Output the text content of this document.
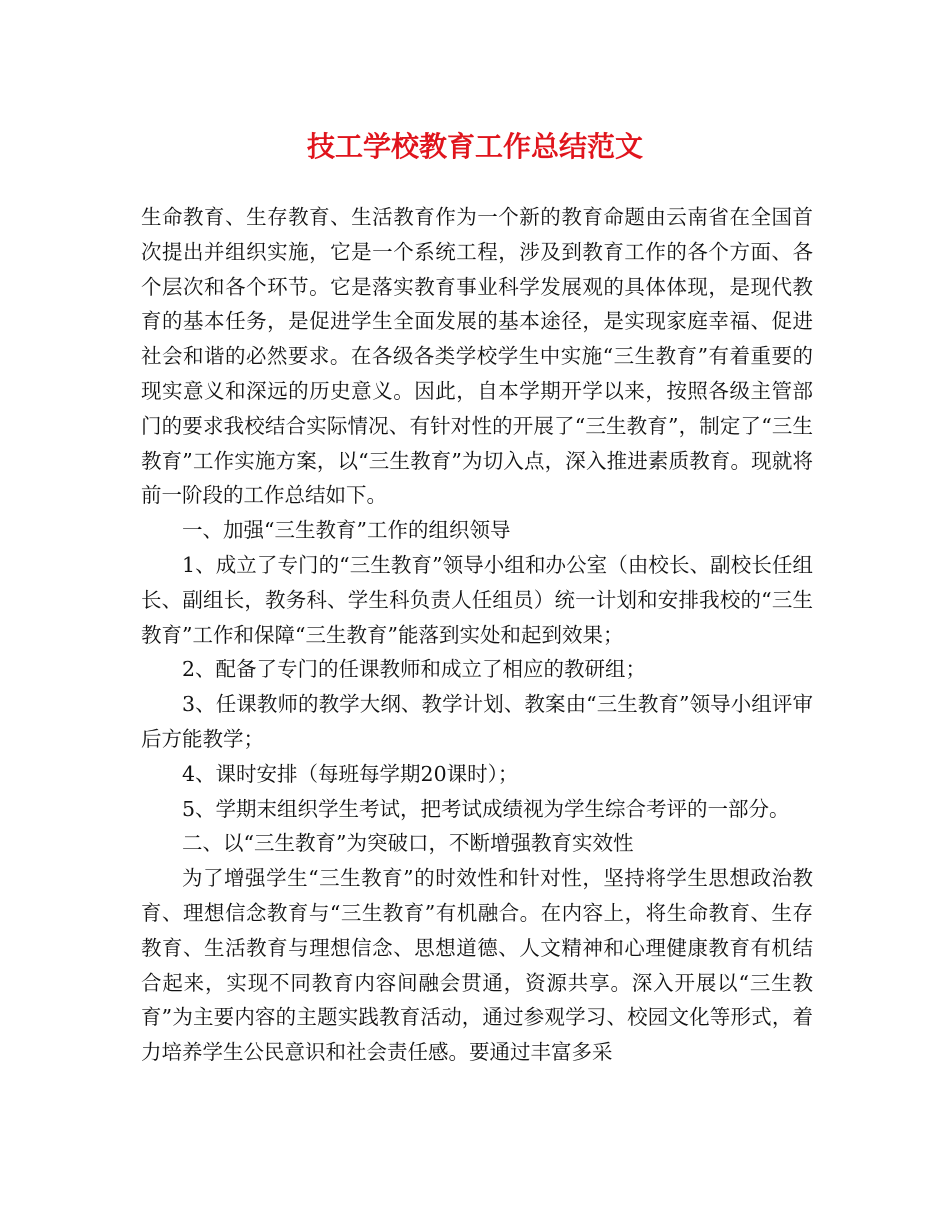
技工学校教育工作总结范文

生命教育、生存教育、生活教育作为一个新的教育命题由云南省在全国首次提出并组织实施，它是一个系统工程，涉及到教育工作的各个方面、各个层次和各个环节。它是落实教育事业科学发展观的具体体现，是现代教育的基本任务，是促进学生全面发展的基本途径，是实现家庭幸福、促进社会和谐的必然要求。在各级各类学校学生中实施“三生教育”有着重要的现实意义和深远的历史意义。因此，自本学期开学以来，按照各级主管部门的要求我校结合实际情况、有针对性的开展了“三生教育”，制定了“三生教育”工作实施方案，以“三生教育”为切入点，深入推进素质教育。现就将前一阶段的工作总结如下。

一、加强“三生教育”工作的组织领导

1、成立了专门的“三生教育”领导小组和办公室（由校长、副校长任组长、副组长，教务科、学生科负责人任组员）统一计划和安排我校的“三生教育”工作和保障“三生教育”能落到实处和起到效果；

2、配备了专门的任课教师和成立了相应的教研组；

3、任课教师的教学大纲、教学计划、教案由“三生教育”领导小组评审后方能教学；

4、课时安排（每班每学期20课时）；

5、学期末组织学生考试，把考试成绩视为学生综合考评的一部分。

二、以“三生教育”为突破口，不断增强教育实效性

为了增强学生“三生教育”的时效性和针对性，坚持将学生思想政治教育、理想信念教育与“三生教育”有机融合。在内容上，将生命教育、生存教育、生活教育与理想信念、思想道德、人文精神和心理健康教育有机结合起来，实现不同教育内容间融会贯通，资源共享。深入开展以“三生教育”为主要内容的主题实践教育活动，通过参观学习、校园文化等形式，着力培养学生公民意识和社会责任感。要通过丰富多采
